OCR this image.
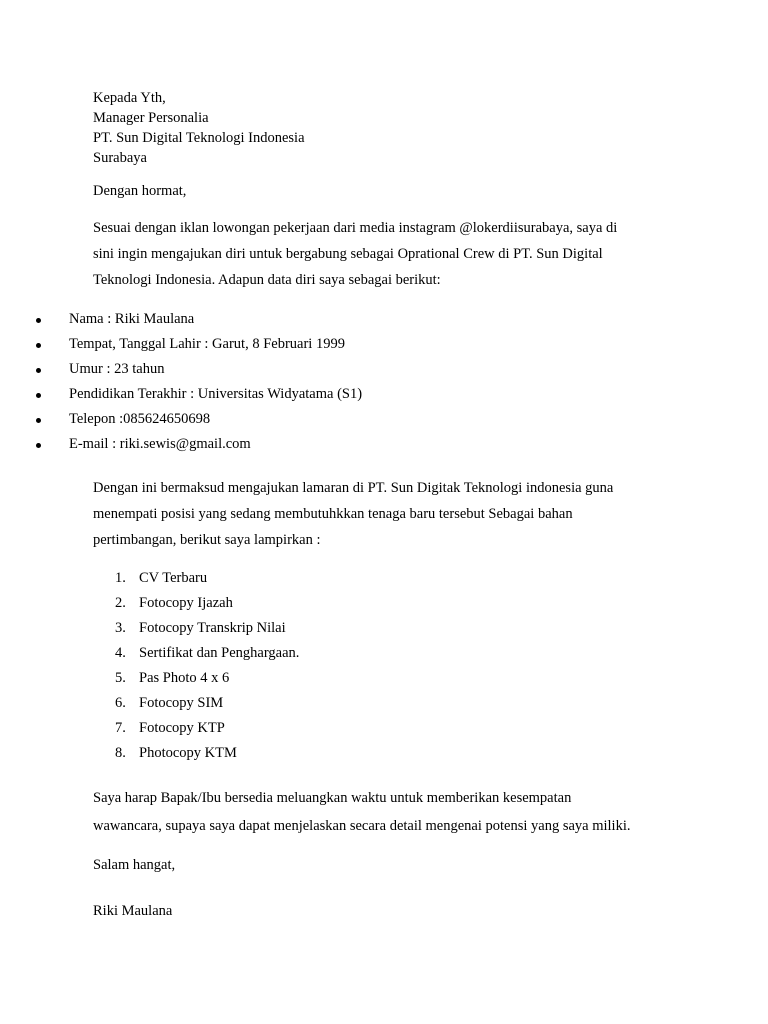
Kepada Yth,
Manager Personalia
PT. Sun Digital Teknologi Indonesia
Surabaya
Dengan hormat,
Sesuai dengan iklan lowongan pekerjaan dari media instagram @lokerdiisurabaya, saya di
sini ingin mengajukan diri untuk bergabung sebagai Oprational Crew di PT. Sun Digital
Teknologi Indonesia. Adapun data diri saya sebagai berikut:
Nama : Riki Maulana
Tempat, Tanggal Lahir : Garut, 8 Februari 1999
Umur : 23 tahun
Pendidikan Terakhir : Universitas Widyatama (S1)
Telepon :085624650698
E-mail : riki.sewis@gmail.com
Dengan ini bermaksud mengajukan lamaran di PT. Sun Digitak Teknologi indonesia guna
menempati posisi yang sedang membutuhkkan tenaga baru tersebut Sebagai bahan
pertimbangan, berikut saya lampirkan :
1. CV Terbaru
2. Fotocopy Ijazah
3. Fotocopy Transkrip Nilai
4. Sertifikat dan Penghargaan.
5. Pas Photo 4 x 6
6. Fotocopy SIM
7. Fotocopy KTP
8. Photocopy KTM
Saya harap Bapak/Ibu bersedia meluangkan waktu untuk memberikan kesempatan
wawancara, supaya saya dapat menjelaskan secara detail mengenai potensi yang saya miliki.
Salam hangat,
Riki Maulana
